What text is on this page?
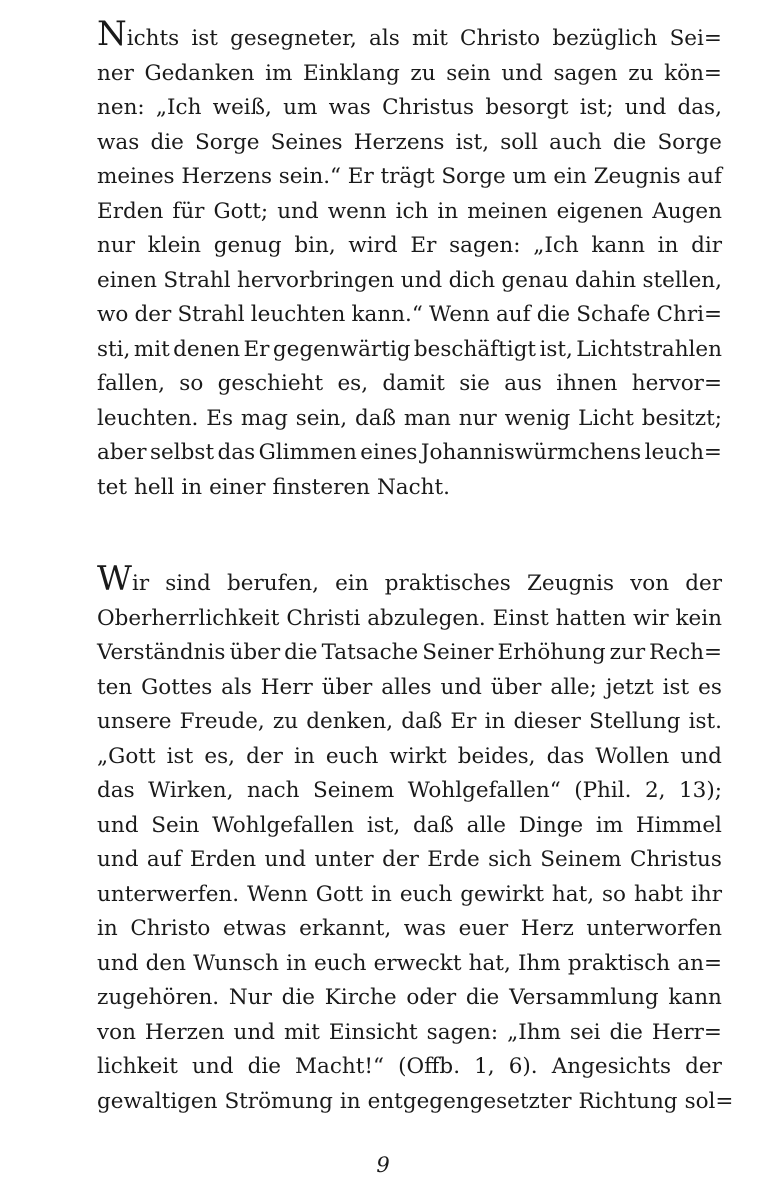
Nichts ist gesegneter, als mit Christo bezüglich Sei=
ner Gedanken im Einklang zu sein und sagen zu kön=
nen: „Ich weiß, um was Christus besorgt ist; und das,
was die Sorge Seines Herzens ist, soll auch die Sorge
meines Herzens sein.“ Er trägt Sorge um ein Zeugnis auf
Erden für Gott; und wenn ich in meinen eigenen Augen
nur klein genug bin, wird Er sagen: „Ich kann in dir
einen Strahl hervorbringen und dich genau dahin stellen,
wo der Strahl leuchten kann.“ Wenn auf die Schafe Chri=
sti, mit denen Er gegenwärtig beschäftigt ist, Lichtstrahlen
fallen, so geschieht es, damit sie aus ihnen hervor=
leuchten. Es mag sein, daß man nur wenig Licht besitzt;
aber selbst das Glimmen eines Johanniswürmchens leuch=
tet hell in einer finsteren Nacht.
Wir sind berufen, ein praktisches Zeugnis von der
Oberherrlichkeit Christi abzulegen. Einst hatten wir kein
Verständnis über die Tatsache Seiner Erhöhung zur Rech=
ten Gottes als Herr über alles und über alle; jetzt ist es
unsere Freude, zu denken, daß Er in dieser Stellung ist.
„Gott ist es, der in euch wirkt beides, das Wollen und
das Wirken, nach Seinem Wohlgefallen“ (Phil. 2, 13);
und Sein Wohlgefallen ist, daß alle Dinge im Himmel
und auf Erden und unter der Erde sich Seinem Christus
unterwerfen. Wenn Gott in euch gewirkt hat, so habt ihr
in Christo etwas erkannt, was euer Herz unterworfen
und den Wunsch in euch erweckt hat, Ihm praktisch an=
zugehören. Nur die Kirche oder die Versammlung kann
von Herzen und mit Einsicht sagen: „Ihm sei die Herr=
lichkeit und die Macht!“ (Offb. 1, 6). Angesichts der
gewaltigen Strömung in entgegengesetzter Richtung sol=
9
